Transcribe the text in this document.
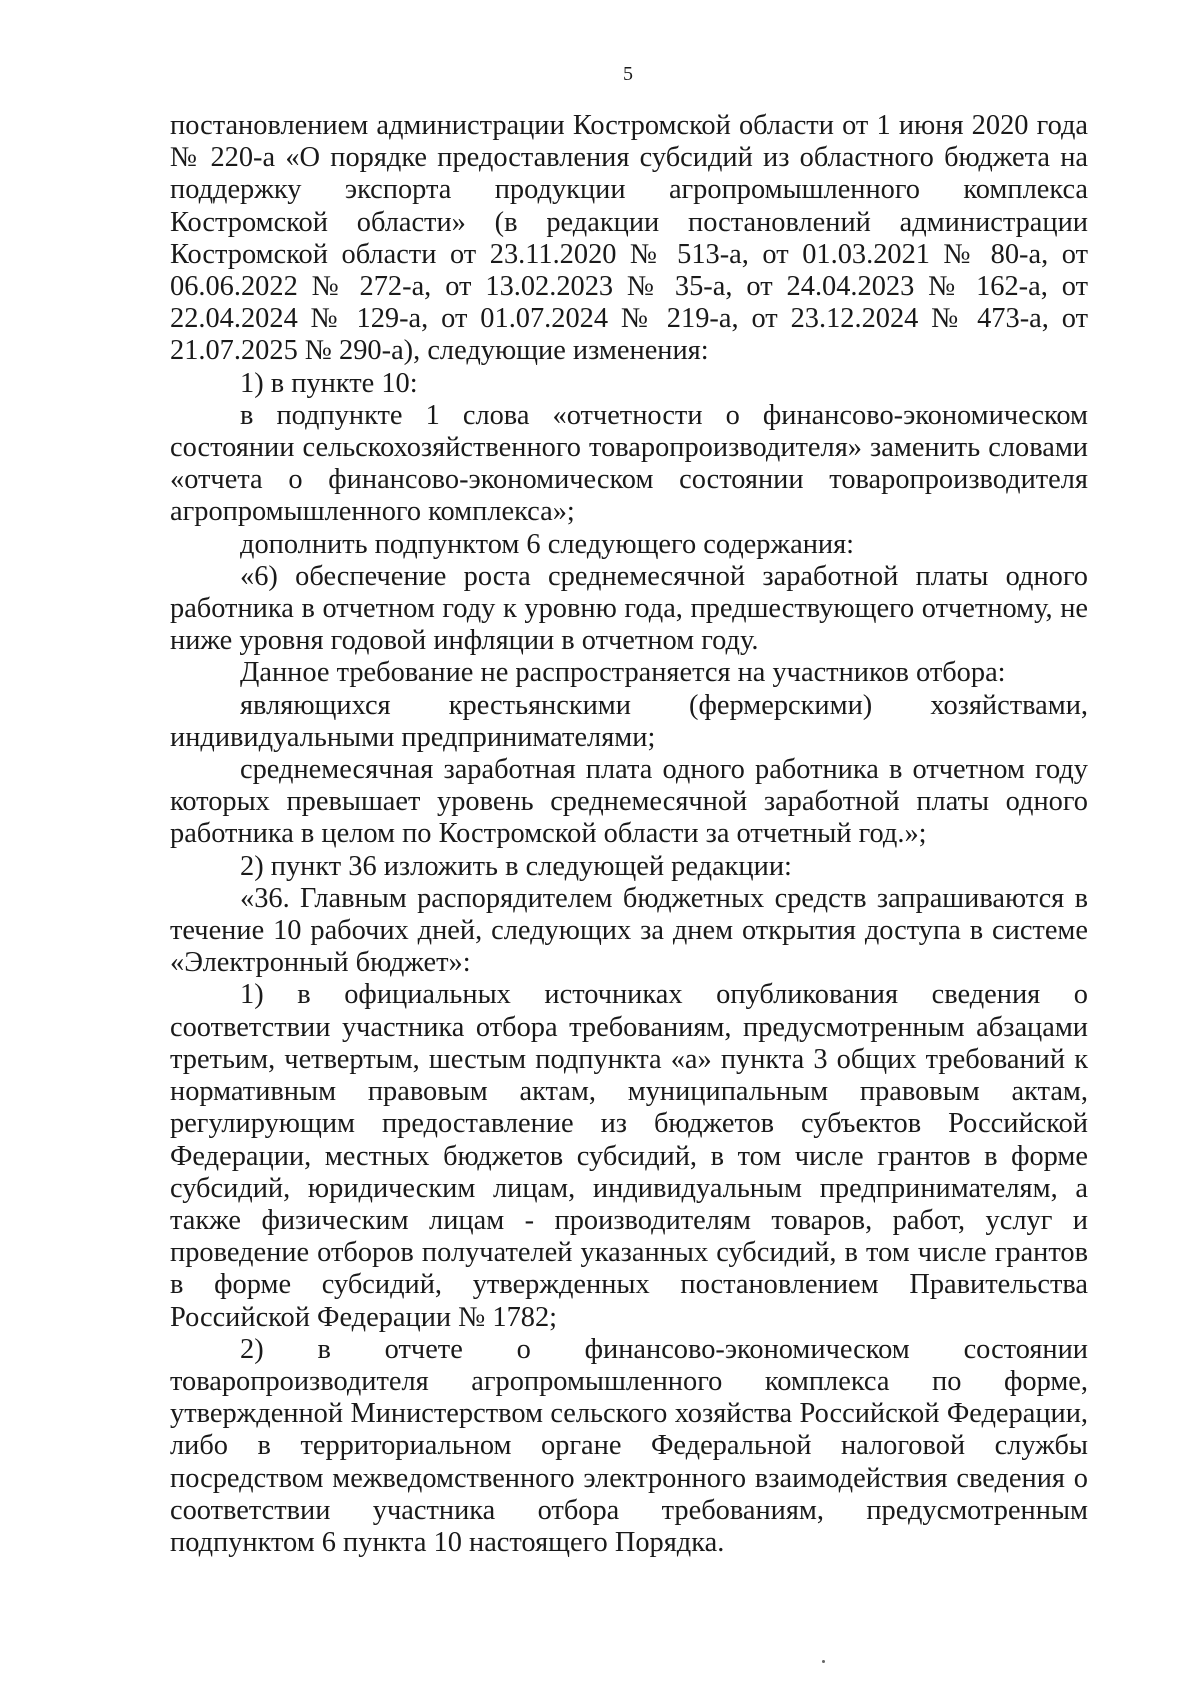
5

постановлением администрации Костромской области от 1 июня 2020 года № 220-а «О порядке предоставления субсидий из областного бюджета на поддержку экспорта продукции агропромышленного комплекса Костромской области» (в редакции постановлений администрации Костромской области от 23.11.2020 № 513-а, от 01.03.2021 № 80-а, от 06.06.2022 № 272-а, от 13.02.2023 № 35-а, от 24.04.2023 № 162-а, от 22.04.2024 № 129-а, от 01.07.2024 № 219-а, от 23.12.2024 № 473-а, от 21.07.2025 № 290-а), следующие изменения:

1) в пункте 10:

в подпункте 1 слова «отчетности о финансово-экономическом состоянии сельскохозяйственного товаропроизводителя» заменить словами «отчета о финансово-экономическом состоянии товаропроизводителя агропромышленного комплекса»;

дополнить подпунктом 6 следующего содержания:

«6) обеспечение роста среднемесячной заработной платы одного работника в отчетном году к уровню года, предшествующего отчетному, не ниже уровня годовой инфляции в отчетном году.

Данное требование не распространяется на участников отбора:

являющихся крестьянскими (фермерскими) хозяйствами, индивидуальными предпринимателями;

среднемесячная заработная плата одного работника в отчетном году которых превышает уровень среднемесячной заработной платы одного работника в целом по Костромской области за отчетный год.»;

2) пункт 36 изложить в следующей редакции:

«36. Главным распорядителем бюджетных средств запрашиваются в течение 10 рабочих дней, следующих за днем открытия доступа в системе «Электронный бюджет»:

1) в официальных источниках опубликования сведения о соответствии участника отбора требованиям, предусмотренным абзацами третьим, четвертым, шестым подпункта «а» пункта 3 общих требований к нормативным правовым актам, муниципальным правовым актам, регулирующим предоставление из бюджетов субъектов Российской Федерации, местных бюджетов субсидий, в том числе грантов в форме субсидий, юридическим лицам, индивидуальным предпринимателям, а также физическим лицам - производителям товаров, работ, услуг и проведение отборов получателей указанных субсидий, в том числе грантов в форме субсидий, утвержденных постановлением Правительства Российской Федерации № 1782;

2) в отчете о финансово-экономическом состоянии товаропроизводителя агропромышленного комплекса по форме, утвержденной Министерством сельского хозяйства Российской Федерации, либо в территориальном органе Федеральной налоговой службы посредством межведомственного электронного взаимодействия сведения о соответствии участника отбора требованиям, предусмотренным подпунктом 6 пункта 10 настоящего Порядка.
